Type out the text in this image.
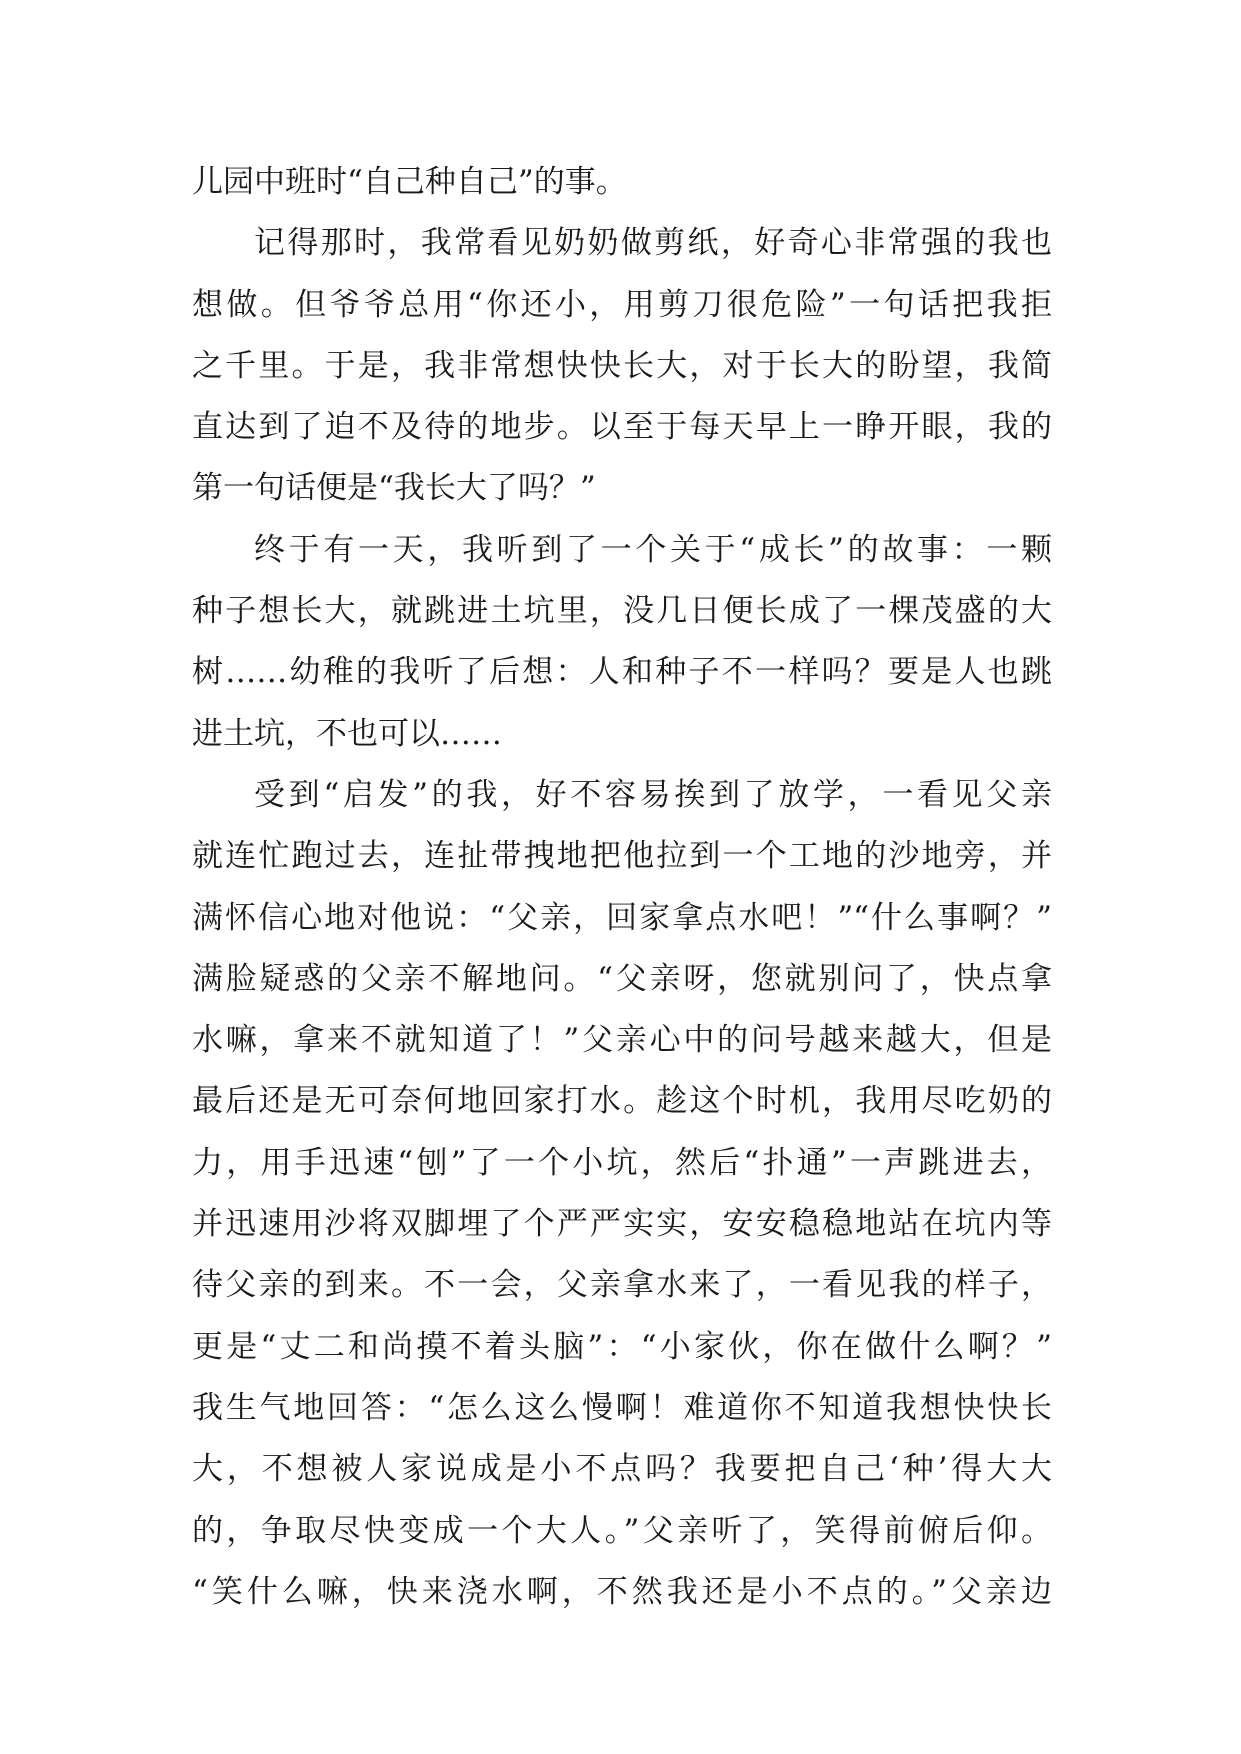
儿园中班时“自己种自己”的事。
记得那时，我常看见奶奶做剪纸，好奇心非常强的我也
想做。但爷爷总用“你还小，用剪刀很危险”一句话把我拒
之千里。于是，我非常想快快长大，对于长大的盼望，我简
直达到了迫不及待的地步。以至于每天早上一睁开眼，我的
第一句话便是“我长大了吗？”
终于有一天，我听到了一个关于“成长”的故事：一颗
种子想长大，就跳进土坑里，没几日便长成了一棵茂盛的大
树……幼稚的我听了后想：人和种子不一样吗？要是人也跳
进土坑，不也可以……
受到“启发”的我，好不容易挨到了放学，一看见父亲
就连忙跑过去，连扯带拽地把他拉到一个工地的沙地旁，并
满怀信心地对他说：“父亲，回家拿点水吧！”“什么事啊？”
满脸疑惑的父亲不解地问。“父亲呀，您就别问了，快点拿
水嘛，拿来不就知道了！”父亲心中的问号越来越大，但是
最后还是无可奈何地回家打水。趁这个时机，我用尽吃奶的
力，用手迅速“刨”了一个小坑，然后“扑通”一声跳进去，
并迅速用沙将双脚埋了个严严实实，安安稳稳地站在坑内等
待父亲的到来。不一会，父亲拿水来了，一看见我的样子，
更是“丈二和尚摸不着头脑”：“小家伙，你在做什么啊？”
我生气地回答：“怎么这么慢啊！难道你不知道我想快快长
大，不想被人家说成是小不点吗？我要把自己‘种’得大大
的，争取尽快变成一个大人。”父亲听了，笑得前俯后仰。
“笑什么嘛，快来浇水啊，不然我还是小不点的。”父亲边
